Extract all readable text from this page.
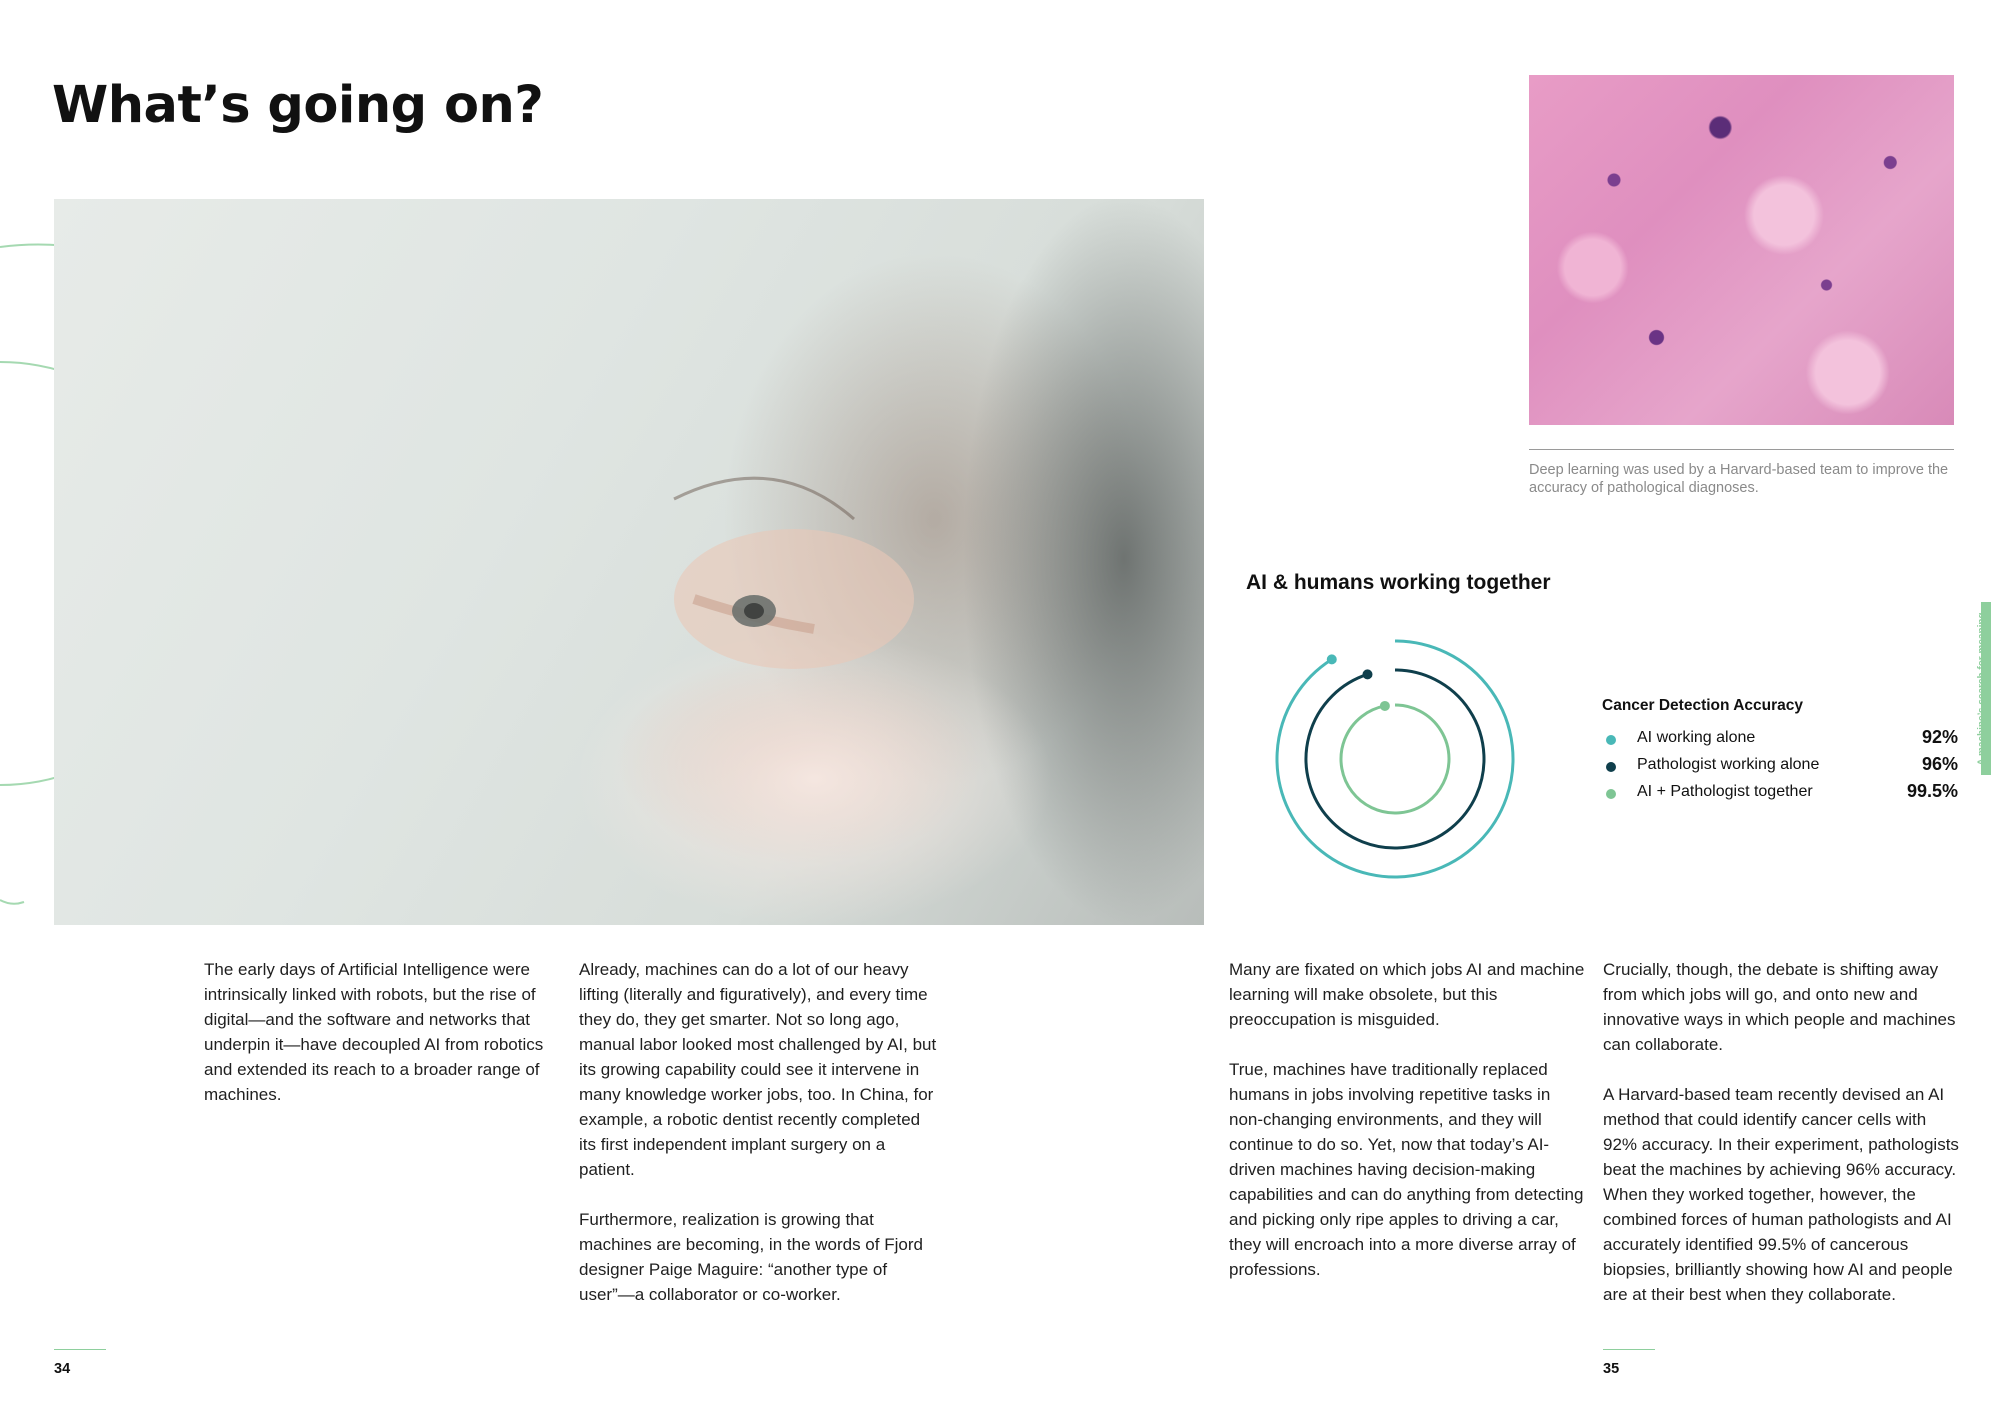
What’s going on?
Deep learning was used by a Harvard-based team to improve the accuracy of pathological diagnoses.
AI & humans working together
Cancer Detection Accuracy
AI working alone	92%
Pathologist working alone	96%
AI + Pathologist together	99.5%

The early days of Artificial Intelligence were intrinsically linked with robots, but the rise of digital—and the software and networks that underpin it—have decoupled AI from robotics and extended its reach to a broader range of machines.

Already, machines can do a lot of our heavy lifting (literally and figuratively), and every time they do, they get smarter. Not so long ago, manual labor looked most challenged by AI, but its growing capability could see it intervene in many knowledge worker jobs, too. In China, for example, a robotic dentist recently completed its first independent implant surgery on a patient.

Furthermore, realization is growing that machines are becoming, in the words of Fjord designer Paige Maguire: “another type of user”—a collaborator or co-worker.

Many are fixated on which jobs AI and machine learning will make obsolete, but this preoccupation is misguided.

True, machines have traditionally replaced humans in jobs involving repetitive tasks in non-changing environments, and they will continue to do so. Yet, now that today’s AI-driven machines having decision-making capabilities and can do anything from detecting and picking only ripe apples to driving a car, they will encroach into a more diverse array of professions.

Crucially, though, the debate is shifting away from which jobs will go, and onto new and innovative ways in which people and machines can collaborate.

A Harvard-based team recently devised an AI method that could identify cancer cells with 92% accuracy. In their experiment, pathologists beat the machines by achieving 96% accuracy. When they worked together, however, the combined forces of human pathologists and AI accurately identified 99.5% of cancerous biopsies, brilliantly showing how AI and people are at their best when they collaborate.

34	35
A machine’s search for meaning
